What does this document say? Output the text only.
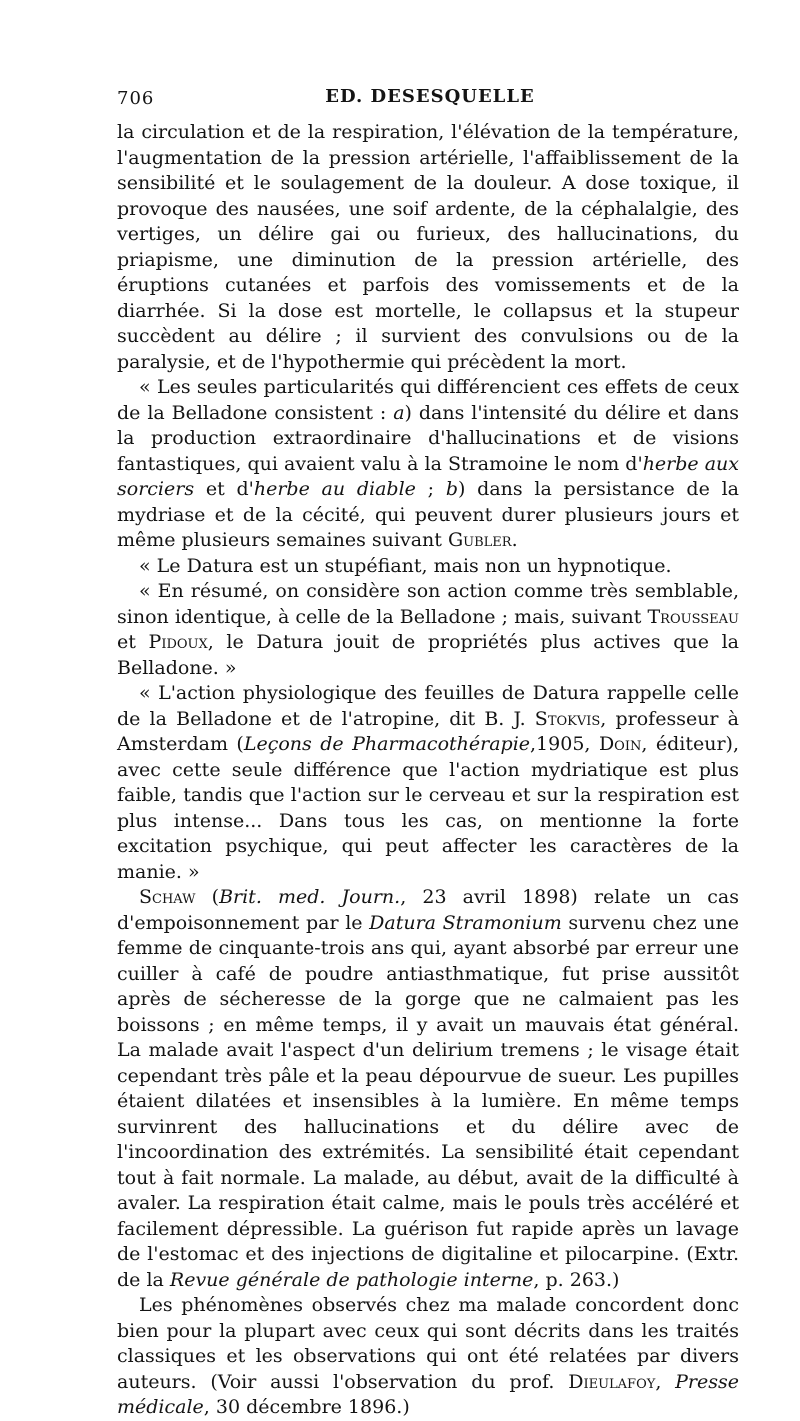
706	ED. DESESQUELLE

la circulation et de la respiration, l'élévation de la température, l'augmentation de la pression artérielle, l'affaiblissement de la sensibilité et le soulagement de la douleur. A dose toxique, il provoque des nausées, une soif ardente, de la céphalalgie, des vertiges, un délire gai ou furieux, des hallucinations, du priapisme, une diminution de la pression artérielle, des éruptions cutanées et parfois des vomissements et de la diarrhée. Si la dose est mortelle, le collapsus et la stupeur succèdent au délire ; il survient des convulsions ou de la paralysie, et de l'hypothermie qui précèdent la mort.

« Les seules particularités qui différencient ces effets de ceux de la Belladone consistent : a) dans l'intensité du délire et dans la production extraordinaire d'hallucinations et de visions fantastiques, qui avaient valu à la Stramoine le nom d'herbe aux sorciers et d'herbe au diable ; b) dans la persistance de la mydriase et de la cécité, qui peuvent durer plusieurs jours et même plusieurs semaines suivant Gubler.

« Le Datura est un stupéfiant, mais non un hypnotique.

« En résumé, on considère son action comme très semblable, sinon identique, à celle de la Belladone ; mais, suivant Trousseau et Pidoux, le Datura jouit de propriétés plus actives que la Belladone. »

« L'action physiologique des feuilles de Datura rappelle celle de la Belladone et de l'atropine, dit B. J. Stokvis, professeur à Amsterdam (Leçons de Pharmacothérapie,1905, Doin, éditeur), avec cette seule différence que l'action mydriatique est plus faible, tandis que l'action sur le cerveau et sur la respiration est plus intense... Dans tous les cas, on mentionne la forte excitation psychique, qui peut affecter les caractères de la manie. »

Schaw (Brit. med. Journ., 23 avril 1898) relate un cas d'empoisonnement par le Datura Stramonium survenu chez une femme de cinquante-trois ans qui, ayant absorbé par erreur une cuiller à café de poudre antiasthmatique, fut prise aussitôt après de sécheresse de la gorge que ne calmaient pas les boissons ; en même temps, il y avait un mauvais état général. La malade avait l'aspect d'un delirium tremens ; le visage était cependant très pâle et la peau dépourvue de sueur. Les pupilles étaient dilatées et insensibles à la lumière. En même temps survinrent des hallucinations et du délire avec de l'incoordination des extrémités. La sensibilité était cependant tout à fait normale. La malade, au début, avait de la difficulté à avaler. La respiration était calme, mais le pouls très accéléré et facilement dépressible. La guérison fut rapide après un lavage de l'estomac et des injections de digitaline et pilocarpine. (Extr. de la Revue générale de pathologie interne, p. 263.)

Les phénomènes observés chez ma malade concordent donc bien pour la plupart avec ceux qui sont décrits dans les traités classiques et les observations qui ont été relatées par divers auteurs. (Voir aussi l'observation du prof. Dieulafoy, Presse médicale, 30 décembre 1896.)
